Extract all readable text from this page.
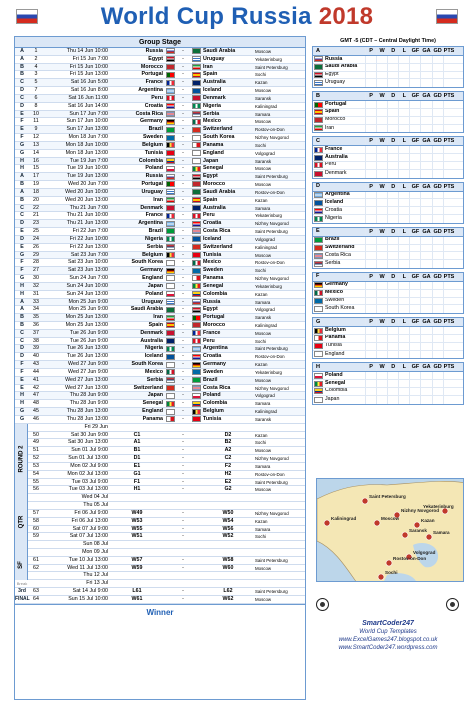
World Cup Russia 2018
Group Stage
A	1	Thu 14 Jun 10:00	Russia	-	Saudi Arabia	Moscow
A	2	Fri 15 Jun 7:00	Egypt	-	Uruguay	Yekaterinburg
B	4	Fri 15 Jun 10:00	Morocco	-	Iran	Saint Petersburg
B	3	Fri 15 Jun 13:00	Portugal	-	Spain	Sochi
C	5	Sat 16 Jun 5:00	France	-	Australia	Kazan
D	7	Sat 16 Jun 8:00	Argentina	-	Iceland	Moscow
C	6	Sat 16 Jun 11:00	Peru	-	Denmark	Saransk
D	8	Sat 16 Jun 14:00	Croatia	-	Nigeria	Kaliningrad
E	10	Sun 17 Jun 7:00	Costa Rica	-	Serbia	Samara
F	11	Sun 17 Jun 10:00	Germany	-	Mexico	Moscow
E	9	Sun 17 Jun 13:00	Brazil	-	Switzerland	Rostov-on-Don
F	12	Mon 18 Jun 7:00	Sweden	-	South Korea	Nizhny Novgorod
G	13	Mon 18 Jun 10:00	Belgium	-	Panama	Sochi
G	14	Mon 18 Jun 13:00	Tunisia	-	England	Volgograd
H	16	Tue 19 Jun 7:00	Colombia	-	Japan	Saransk
H	15	Tue 19 Jun 10:00	Poland	-	Senegal	Moscow
A	17	Tue 19 Jun 13:00	Russia	-	Egypt	Saint Petersburg
B	19	Wed 20 Jun 7:00	Portugal	-	Morocco	Moscow
A	18	Wed 20 Jun 10:00	Uruguay	-	Saudi Arabia	Rostov-on-Don
B	20	Wed 20 Jun 13:00	Iran	-	Spain	Kazan
C	22	Thu 21 Jun 7:00	Denmark	-	Australia	Samara
C	21	Thu 21 Jun 10:00	France	-	Peru	Yekaterinburg
D	23	Thu 21 Jun 13:00	Argentina	-	Croatia	Nizhny Novgorod
E	25	Fri 22 Jun 7:00	Brazil	-	Costa Rica	Saint Petersburg
D	24	Fri 22 Jun 10:00	Nigeria	-	Iceland	Volgograd
E	26	Fri 22 Jun 13:00	Serbia	-	Switzerland	Kaliningrad
G	29	Sat 23 Jun 7:00	Belgium	-	Tunisia	Moscow
F	28	Sat 23 Jun 10:00	South Korea	-	Mexico	Rostov-on-Don
F	27	Sat 23 Jun 13:00	Germany	-	Sweden	Sochi
G	30	Sun 24 Jun 7:00	England	-	Panama	Nizhny Novgorod
H	32	Sun 24 Jun 10:00	Japan	-	Senegal	Yekaterinburg
H	31	Sun 24 Jun 13:00	Poland	-	Colombia	Kazan
A	33	Mon 25 Jun 9:00	Uruguay	-	Russia	Samara
A	34	Mon 25 Jun 9:00	Saudi Arabia	-	Egypt	Volgograd
B	35	Mon 25 Jun 13:00	Iran	-	Portugal	Saransk
B	36	Mon 25 Jun 13:00	Spain	-	Morocco	Kaliningrad
C	37	Tue 26 Jun 9:00	Denmark	-	France	Moscow
C	38	Tue 26 Jun 9:00	Australia	-	Peru	Sochi
D	39	Tue 26 Jun 13:00	Nigeria	-	Argentina	Saint Petersburg
D	40	Tue 26 Jun 13:00	Iceland	-	Croatia	Rostov-on-Don
F	43	Wed 27 Jun 9:00	South Korea	-	Germany	Kazan
F	44	Wed 27 Jun 9:00	Mexico	-	Sweden	Yekaterinburg
E	41	Wed 27 Jun 13:00	Serbia	-	Brazil	Moscow
E	42	Wed 27 Jun 13:00	Switzerland	-	Costa Rica	Nizhny Novgorod
H	47	Thu 28 Jun 9:00	Japan	-	Poland	Volgograd
H	48	Thu 28 Jun 9:00	Senegal	-	Colombia	Samara
G	45	Thu 28 Jun 13:00	England	-	Belgium	Kaliningrad
G	46	Thu 28 Jun 13:00	Panama	-	Tunisia	Saransk
Fri 29 Jun
50	Sat 30 Jun 9:00	C1	-	D2	Kazan
49	Sat 30 Jun 13:00	A1	-	B2	Sochi
51	Sun 01 Jul 9:00	B1	-	A2	Moscow
52	Sun 01 Jul 13:00	D1	-	C2	Nizhny Novgorod
53	Mon 02 Jul 9:00	E1	-	F2	Samara
54	Mon 02 Jul 13:00	G1	-	H2	Rostov-on-Don
55	Tue 03 Jul 9:00	F1	-	E2	Saint Petersburg
56	Tue 03 Jul 13:00	H1	-	G2	Moscow
Wed 04 Jul
Thu 05 Jul
57	Fri 06 Jul 9:00	W49	-	W50	Nizhny Novgorod
58	Fri 06 Jul 13:00	W53	-	W54	Kazan
60	Sat 07 Jul 9:00	W55	-	W56	Samara
59	Sat 07 Jul 13:00	W51	-	W52	Sochi
Sun 08 Jul
Mon 09 Jul
61	Tue 10 Jul 13:00	W57	-	W58	Saint Petersburg
62	Wed 11 Jul 13:00	W59	-	W60	Moscow
Thu 12 Jul
Break	Fri 13 Jul
3rd	63	Sat 14 Jul 9:00	L61	-	L62	Saint Petersburg
FINAL 64	Sun 15 Jul 10:00	W61	-	W62	Moscow
ROUND 2
QTR
SF
Winner
GMT -5 (CDT – Central Daylight Time)
A	P	W	D	L	GF GA GD PTS
Russia
Saudi Arabia
Egypt
Uruguay
B	P	W	D	L	GF GA GD PTS
Portugal
Spain
Morocco
Iran
C	P	W	D	L	GF GA GD PTS
France
Australia
Peru
Denmark
D	P	W	D	L	GF GA GD PTS
Argentina
Iceland
Croatia
Nigeria
E	P	W	D	L	GF GA GD PTS
Brazil
Switzerland
Costa Rica
Serbia
F	P	W	D	L	GF GA GD PTS
Germany
Mexico
Sweden
South Korea
G	P	W	D	L	GF GA GD PTS
Belgium
Panama
Tunisia
England
H	P	W	D	L	GF GA GD PTS
Poland
Senegal
Colombia
Japan
Saint Petersburg
Kaliningrad
Nizhny Novgorod
Moscow	Kazan
Yekaterinburg
Saransk Samara
Volgograd
Rostov-on-Don
Sochi
SmartCoder247
World Cup Templates
www.ExcelGames247.blogspot.co.uk
www.SmartCoder247.wordpress.com
